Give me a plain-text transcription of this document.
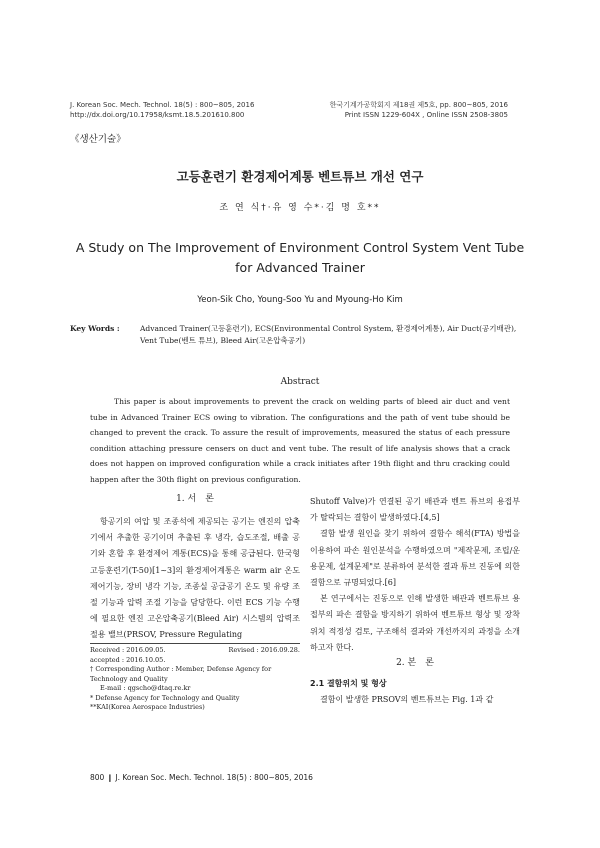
J. Korean Soc. Mech. Technol. 18(5) : 800~805, 2016
http://dx.doi.org/10.17958/ksmt.18.5.201610.800
한국기계가공학회지 제18권 제5호, pp. 800~805, 2016
Print ISSN 1229-604X , Online ISSN 2508-3805
《생산기술》
고등훈련기 환경제어계통 벤트튜브 개선 연구
조 연 식†·유 영 수*·김 명 호**
A Study on The Improvement of Environment Control System Vent Tube for Advanced Trainer
Yeon-Sik Cho, Young-Soo Yu and Myoung-Ho Kim
Key Words :	Advanced Trainer(고등훈련기), ECS(Environmental Control System, 환경제어계통), Air Duct(공기배관), Vent Tube(벤트 튜브), Bleed Air(고온압축공기)
Abstract

This paper is about improvements to prevent the crack on welding parts of bleed air duct and vent tube in Advanced Trainer ECS owing to vibration. The configurations and the path of vent tube should be changed to prevent the crack. To assure the result of improvements, measured the status of each pressure condition attaching pressure censers on duct and vent tube. The result of life analysis shows that a crack does not happen on improved configuration while a crack initiates after 19th flight and thru cracking could happen after the 30th flight on previous configuration.

1. 서　론

항공기의 여압 및 조종석에 제공되는 공기는 엔진의 압축기에서 추출한 공기이며 추출된 후 냉각, 습도조절, 배출 공기와 혼합 후 환경제어 계통(ECS)을 통해 공급된다. 한국형 고등훈련기(T-50)[1~3]의 환경제어계통은 warm air 온도 제어기능, 장비 냉각 기능, 조종실 공급공기 온도 및 유량 조절 기능과 압력 조절 기능을 담당한다. 이런 ECS 기능 수행에 필요한 엔진 고온압축공기(Bleed Air) 시스템의 압력조절용 밸브(PRSOV, Pressure Regulating

Shutoff Valve)가 연결된 공기 배관과 벤트 튜브의 용접부가 탈락되는 결함이 발생하였다.[4,5]

결함 발생 원인을 찾기 위하여 결함수 해석(FTA) 방법을 이용하여 파손 원인분석을 수행하였으며 "제작문제, 조립/운용문제, 설계문제"로 분류하여 분석한 결과 튜브 진동에 의한 결함으로 규명되었다.[6]

본 연구에서는 진동으로 인해 발생한 배관과 벤트튜브 용접부의 파손 결함을 방지하기 위하여 벤트튜브 형상 및 장착 위치 적정성 검토, 구조해석 결과와 개선까지의 과정을 소개하고자 한다.

2. 본　론
2.1 결함위치 및 형상

결함이 발생한 PRSOV의 벤트튜브는 Fig. 1과 같

Received : 2016.09.05.	Revised : 2016.09.28.
accepted : 2016.10.05.
† Corresponding Author : Member, Defense Agency for Technology and Quality
E-mail : qgscho@dtaq.re.kr
* Defense Agency for Technology and Quality
**KAI(Korea Aerospace Industries)
800 ❙ J. Korean Soc. Mech. Technol. 18(5) : 800~805, 2016
